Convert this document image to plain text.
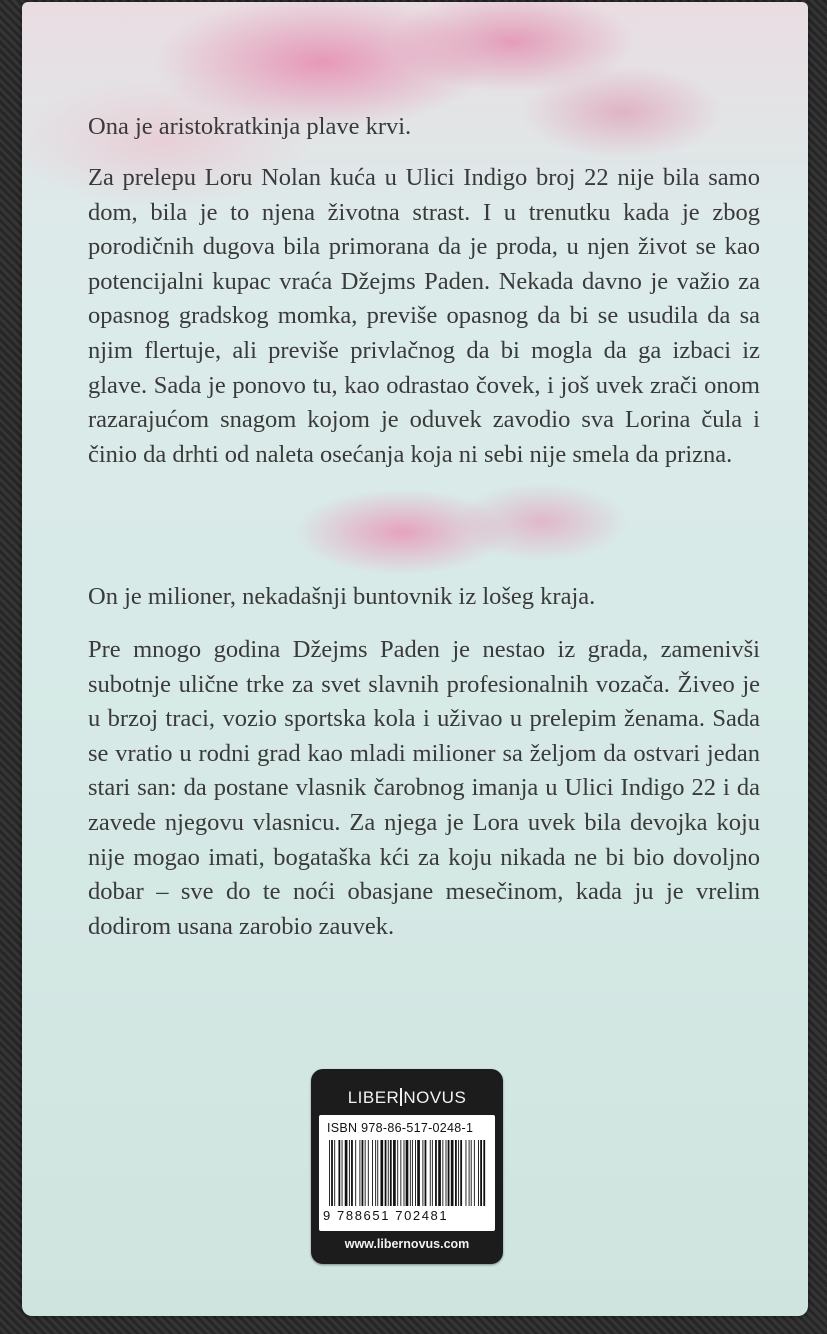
Ona je aristokratkinja plave krvi.

Za prelepu Loru Nolan kuća u Ulici Indigo broj 22 nije bila samo dom, bila je to njena životna strast. I u trenutku kada je zbog porodičnih dugova bila primorana da je proda, u njen život se kao potencijalni kupac vraća Džejms Paden. Nekada davno je važio za opasnog gradskog momka, previše opasnog da bi se usudila da sa njim flertuje, ali previše privlačnog da bi mogla da ga izbaci iz glave. Sada je ponovo tu, kao odrastao čovek, i još uvek zrači onom razarajućom snagom kojom je oduvek zavodio sva Lorina čula i činio da drhti od naleta osećanja koja ni sebi nije smela da prizna.

On je milioner, nekadašnji buntovnik iz lošeg kraja.

Pre mnogo godina Džejms Paden je nestao iz grada, zamenivši subotnje ulične trke za svet slavnih profesionalnih vozača. Živeo je u brzoj traci, vozio sportska kola i uživao u prelepim ženama. Sada se vratio u rodni grad kao mladi milioner sa željom da ostvari jedan stari san: da postane vlasnik čarobnog imanja u Ulici Indigo 22 i da zavede njegovu vlasnicu. Za njega je Lora uvek bila devojka koju nije mogao imati, bogataška kći za koju nikada ne bi bio dovoljno dobar – sve do te noći obasjane mesečinom, kada ju je vrelim dodirom usana zarobio zauvek.

LIBER NOVUS
ISBN 978-86-517-0248-1
9 788651 702481
www.libernovus.com
